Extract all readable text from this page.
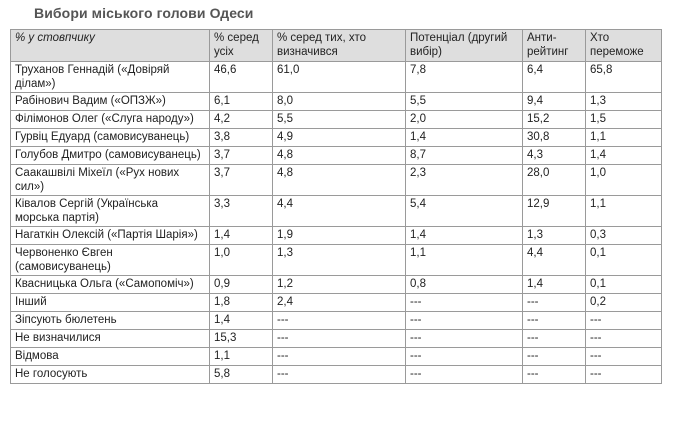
Вибори міського голови Одеси
% у стовпчику	% серед усіх	% серед тих, хто визначився	Потенціал (другий вибір)	Анти-рейтинг	Хто переможе
Труханов Геннадій («Довіряй ділам»)	46,6	61,0	7,8	6,4	65,8
Рабінович Вадим («ОПЗЖ»)	6,1	8,0	5,5	9,4	1,3
Філімонов Олег («Слуга народу»)	4,2	5,5	2,0	15,2	1,5
Гурвіц Едуард (самовисуванець)	3,8	4,9	1,4	30,8	1,1
Голубов Дмитро (самовисуванець)	3,7	4,8	8,7	4,3	1,4
Саакашвілі Міхеїл («Рух нових сил»)	3,7	4,8	2,3	28,0	1,0
Ківалов Сергій (Українська морська партія)	3,3	4,4	5,4	12,9	1,1
Нагаткін Олексій («Партія Шарія»)	1,4	1,9	1,4	1,3	0,3
Червоненко Євген (самовисуванець)	1,0	1,3	1,1	4,4	0,1
Квасницька Ольга («Самопоміч»)	0,9	1,2	0,8	1,4	0,1
Інший	1,8	2,4	---	---	0,2
Зіпсують бюлетень	1,4	---	---	---	---
Не визначилися	15,3	---	---	---	---
Відмова	1,1	---	---	---	---
Не голосують	5,8	---	---	---	---
